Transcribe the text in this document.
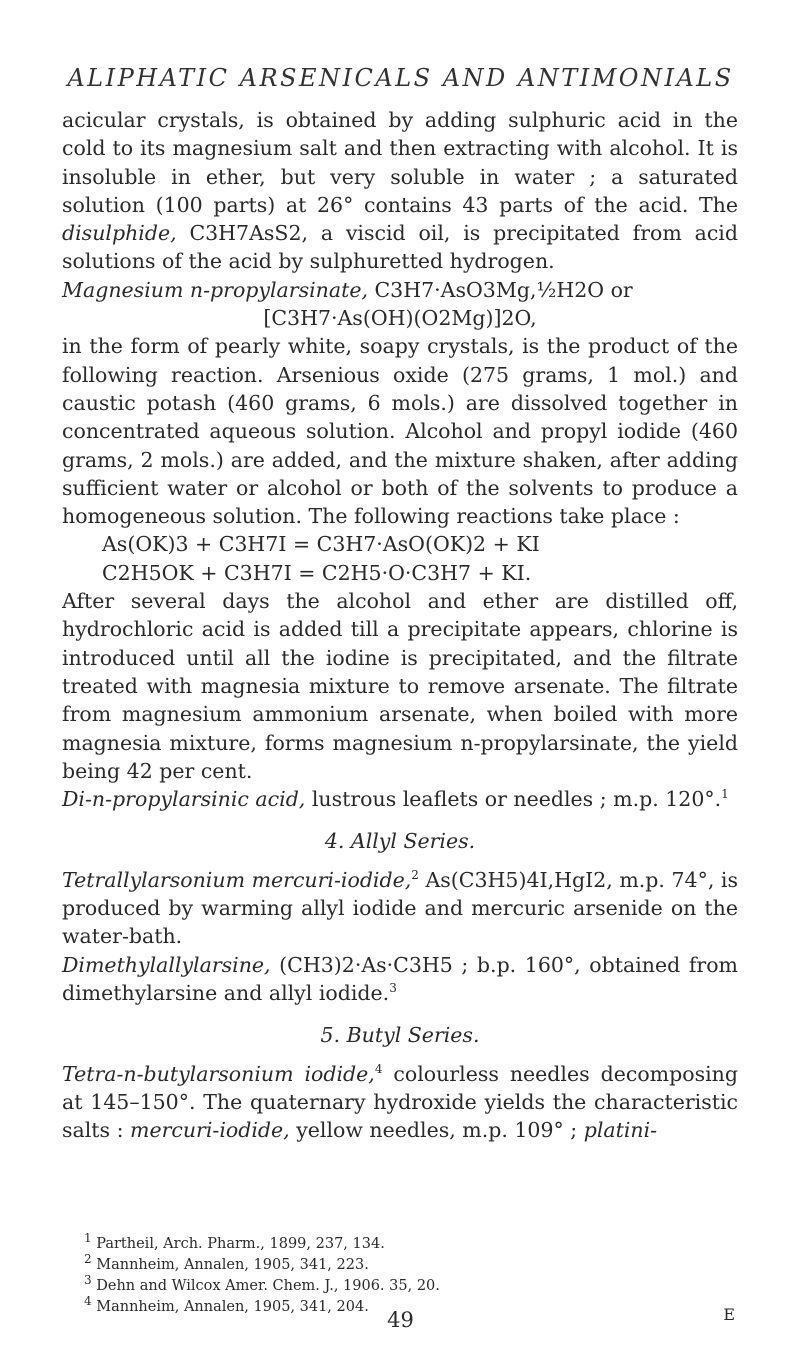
ALIPHATIC ARSENICALS AND ANTIMONIALS

acicular crystals, is obtained by adding sulphuric acid in the cold to its magnesium salt and then extracting with alcohol. It is insoluble in ether, but very soluble in water ; a saturated solution (100 parts) at 26° contains 43 parts of the acid. The disulphide, C3H7AsS2, a viscid oil, is precipitated from acid solutions of the acid by sulphuretted hydrogen.

Magnesium n-propylarsinate, C3H7·AsO3Mg,½H2O or

[C3H7·As(OH)(O2Mg)]2O,

in the form of pearly white, soapy crystals, is the product of the following reaction. Arsenious oxide (275 grams, 1 mol.) and caustic potash (460 grams, 6 mols.) are dissolved together in concentrated aqueous solution. Alcohol and propyl iodide (460 grams, 2 mols.) are added, and the mixture shaken, after adding sufficient water or alcohol or both of the solvents to produce a homogeneous solution. The following reactions take place :

As(OK)3 + C3H7I = C3H7·AsO(OK)2 + KI

C2H5OK + C3H7I = C2H5·O·C3H7 + KI.

After several days the alcohol and ether are distilled off, hydrochloric acid is added till a precipitate appears, chlorine is introduced until all the iodine is precipitated, and the filtrate treated with magnesia mixture to remove arsenate. The filtrate from magnesium ammonium arsenate, when boiled with more magnesia mixture, forms magnesium n-propylarsinate, the yield being 42 per cent.

Di-n-propylarsinic acid, lustrous leaflets or needles ; m.p. 120°.$^1$

4. Allyl Series.

Tetrallylarsonium mercuri-iodide,$^2$ As(C3H5)4I,HgI2, m.p. 74°, is produced by warming allyl iodide and mercuric arsenide on the water-bath.

Dimethylallylarsine, (CH3)2·As·C3H5 ; b.p. 160°, obtained from dimethylarsine and allyl iodide.$^3$

5. Butyl Series.

Tetra-n-butylarsonium iodide,$^4$ colourless needles decomposing at 145–150°. The quaternary hydroxide yields the characteristic salts : mercuri-iodide, yellow needles, m.p. 109° ; platini-

$^1$ Partheil, Arch. Pharm., 1899, 237, 134.

$^2$ Mannheim, Annalen, 1905, 341, 223.

$^3$ Dehn and Wilcox Amer. Chem. J., 1906. 35, 20.

$^4$ Mannheim, Annalen, 1905, 341, 204.

49	E
